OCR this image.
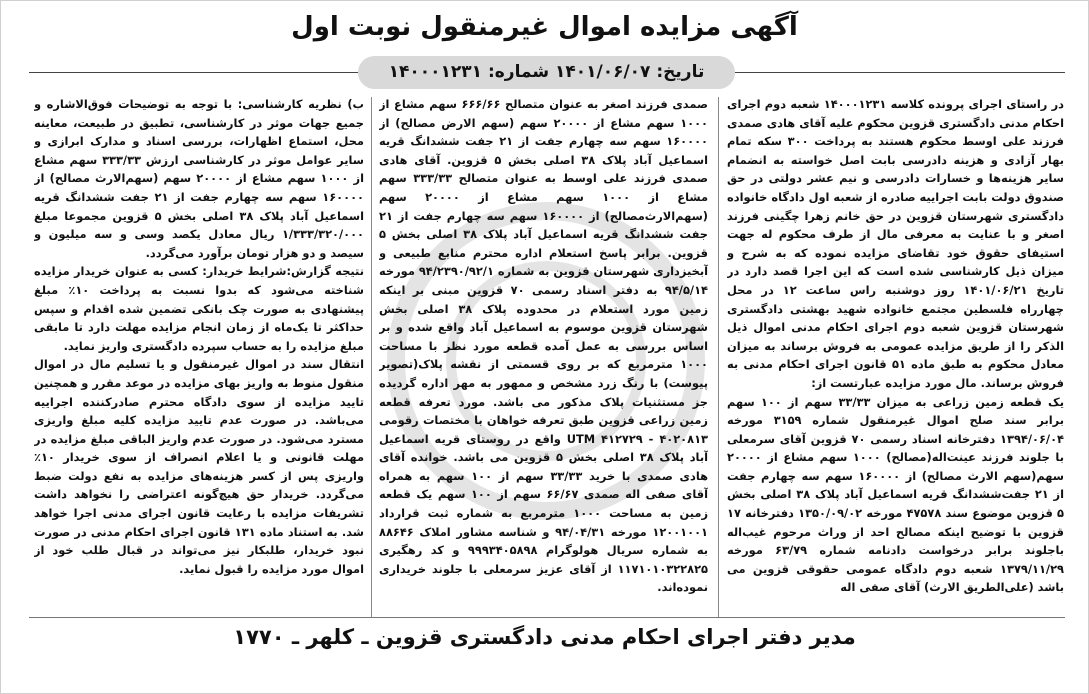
آگهی مزایده اموال غیرمنقول نوبت اول
تاریخ: ۱۴۰۱/۰۶/۰۷ شماره: ۱۴۰۰۰۱۲۳۱

در راستای اجرای پرونده کلاسه ۱۴۰۰۰۱۲۳۱ شعبه دوم اجرای احکام مدنی دادگستری قزوین محکوم علیه آقای هادی صمدی فرزند علی اوسط محکوم هستند به پرداخت ۳۰۰ سکه تمام بهار آزادی و هزینه دادرسی بابت اصل خواسته به انضمام سایر هزینه‌ها و خسارات دادرسی و نیم عشر دولتی در حق صندوق دولت بابت اجراییه صادره از شعبه اول دادگاه خانواده دادگستری شهرستان قزوین در حق خانم زهرا چگینی فرزند اصغر و با عنایت به معرفی مال از طرف محکوم له جهت استیفای حقوق خود تقاضای مزایده نموده که به شرح و میزان ذیل کارشناسی شده است که این اجرا قصد دارد در تاریخ ۱۴۰۱/۰۶/۲۱ روز دوشنبه راس ساعت ۱۲ در محل چهارراه فلسطین مجتمع خانواده شهید بهشتی دادگستری شهرستان قزوین شعبه دوم اجرای احکام مدنی اموال ذیل الذکر را از طریق مزایده عمومی به فروش برساند به میزان معادل محکوم به طبق ماده ۵۱ قانون اجرای احکام مدنی به فروش برساند. مال مورد مزایده عبارتست از:

یک قطعه زمین زراعی به میزان ۳۳/۳۳ سهم از ۱۰۰ سهم برابر سند صلح اموال غیرمنقول شماره ۳۱۵۹ مورخه ۱۳۹۴/۰۶/۰۴ دفترخانه اسناد رسمی ۷۰ قزوین آقای سرمعلی با جلوند فرزند عینت‌اله(مصالح) ۱۰۰۰ سهم مشاع از ۲۰۰۰۰ سهم(سهم الارث مصالح) از ۱۶۰۰۰۰ سهم سه چهارم جفت از ۲۱ جفت‌ششدانگ قریه اسماعیل آباد پلاک ۳۸ اصلی بخش ۵ قزوین موضوع سند ۴۷۵۷۸ مورخه ۱۳۵۰/۰۹/۰۲ دفترخانه ۱۷ قزوین با توضیح اینکه مصالح احد از وراث مرحوم غیب‌اله باجلوند برابر درخواست دادنامه شماره ۶۳/۷۹ مورخه ۱۳۷۹/۱۱/۲۹ شعبه دوم دادگاه عمومی حقوقی قزوین می باشد (علی‌الطریق الارث) آقای صفی اله

صمدی فرزند اصغر به عنوان متصالح ۶۶۶/۶۶ سهم مشاع از ۱۰۰۰ سهم مشاع از ۲۰۰۰۰ سهم (سهم الارض مصالح) از ۱۶۰۰۰۰ سهم سه چهارم جفت از ۲۱ جفت ششدانگ قریه اسماعیل آباد پلاک ۳۸ اصلی بخش ۵ قزوین. آقای هادی صمدی فرزند علی اوسط به عنوان متصالح ۳۳۳/۳۳ سهم مشاع از ۱۰۰۰ سهم مشاع از ۲۰۰۰۰ سهم (سهم‌الارث‌مصالح) از ۱۶۰۰۰۰ سهم سه چهارم جفت از ۲۱ جفت ششدانگ قریه اسماعیل آباد پلاک ۳۸ اصلی بخش ۵ قزوین. برابر پاسخ استعلام اداره محترم منابع طبیعی و آبخیزداری شهرستان قزوین به شماره ۹۴/۲۳۹۰/۹۲/۱ مورخه ۹۴/۵/۱۴ به دفتر اسناد رسمی ۷۰ قزوین مبنی بر اینکه زمین مورد استعلام در محدوده پلاک ۳۸ اصلی بخش شهرستان قزوین موسوم به اسماعیل آباد واقع شده و بر اساس بررسی به عمل آمده قطعه مورد نظر با مساحت ۱۰۰۰ مترمربع که بر روی قسمتی از نقشه پلاک(تصویر پیوست) با رنگ زرد مشخص و ممهور به مهر اداره گردیده جز مستثنیات پلاک مذکور می باشد. مورد تعرفه قطعه زمین زراعی قزوین طبق تعرفه خواهان با مختصات رقومی ۴۰۲۰۸۱۳ - ۴۱۲۷۲۹ UTM واقع در روستای قریه اسماعیل آباد پلاک ۳۸ اصلی بخش ۵ قزوین می باشد. خوانده آقای هادی صمدی با خرید ۳۳/۳۳ سهم از ۱۰۰ سهم به همراه آقای صفی اله صمدی ۶۶/۶۷ سهم از ۱۰۰ سهم یک قطعه زمین به مساحت ۱۰۰۰ مترمربع به شماره ثبت قرارداد ۱۲۰۰۱۰۰۱ مورخه ۹۴/۰۴/۳۱ و شناسه مشاور املاک ۸۸۶۴۶ به شماره سریال هولوگرام ۹۹۹۳۴۰۵۸۹۸ و کد رهگیری ۱۱۷۱۰۱۰۳۲۲۸۲۵ از آقای عزیز سرمعلی با جلوند خریداری نموده‌اند.

ب) نظریه کارشناسی: با توجه به توضیحات فوق‌الاشاره و جمیع جهات موثر در کارشناسی، تطبیق در طبیعت، معاینه محل، استماع اظهارات، بررسی اسناد و مدارک ابرازی و سایر عوامل موثر در کارشناسی ارزش ۳۳۳/۳۳ سهم مشاع از ۱۰۰۰ سهم مشاع از ۲۰۰۰۰ سهم (سهم‌الارث مصالح) از ۱۶۰۰۰۰ سهم سه چهارم جفت از ۲۱ جفت ششدانگ قریه اسماعیل آباد پلاک ۳۸ اصلی بخش ۵ قزوین مجموعا مبلغ ۱/۳۳۳/۳۲۰/۰۰۰ ریال معادل یکصد وسی و سه میلیون و سیصد و دو هزار تومان برآورد می‌گردد.

نتیجه گزارش:شرایط خریدار: کسی به عنوان خریدار مزایده شناخته می‌شود که بدوا نسبت به پرداخت ۱۰٪ مبلغ پیشنهادی به صورت چک بانکی تضمین شده اقدام و سپس حداکثر تا یک‌ماه از زمان انجام مزایده مهلت دارد تا مابقی مبلغ مزایده را به حساب سپرده دادگستری واریز نماید.

انتقال سند در اموال غیرمنقول و یا تسلیم مال در اموال منقول منوط به واریز بهای مزایده در موعد مقرر و همچنین تایید مزایده از سوی دادگاه محترم صادرکننده اجراییه می‌باشد. در صورت عدم تایید مزایده کلیه مبلغ واریزی مسترد می‌شود. در صورت عدم واریز الباقی مبلغ مزایده در مهلت قانونی و یا اعلام انصراف از سوی خریدار ۱۰٪ واریزی پس از کسر هزینه‌های مزایده به نفع دولت ضبط می‌گردد. خریدار حق هیچ‌گونه اعتراضی را نخواهد داشت تشریفات مزایده با رعایت قانون اجرای مدنی اجرا خواهد شد. به استناد ماده ۱۳۱ قانون اجرای احکام مدنی در صورت نبود خریدار، طلبکار نیز می‌تواند در قبال طلب خود از اموال مورد مزایده را قبول نماید.

مدیر دفتر اجرای احکام مدنی دادگستری قزوین ـ کلهر ـ ۱۷۷۰
